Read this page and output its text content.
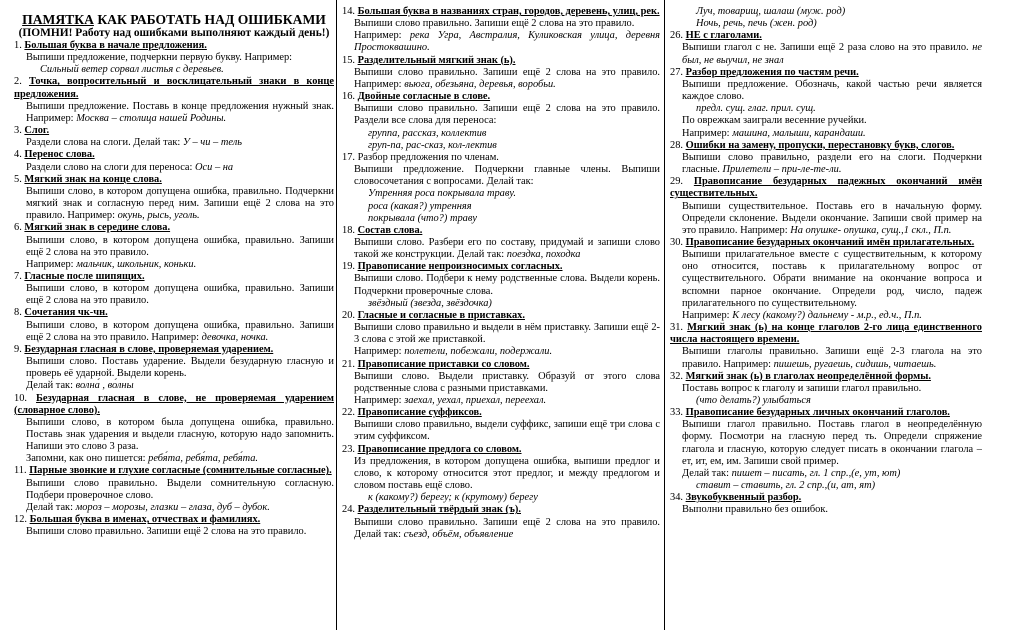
ПАМЯТКА КАК РАБОТАТЬ НАД ОШИБКАМИ
(ПОМНИ! Работу над ошибками выполняют каждый день!)
1. Большая буква в начале предложения.
Выпиши предложение, подчеркни первую букву. Например:
Сильный ветер сорвал листья с деревьев.
2. Точка, вопросительный и восклицательный знаки в конце предложения.
Выпиши предложение. Поставь в конце предложения нужный знак. Например: Москва – столица нашей Родины.
3. Слог.
Раздели слова на слоги. Делай так: У – чи – тель
4. Перенос слова.
Раздели слово на слоги для переноса: Оси – на
5. Мягкий знак на конце слова.
Выпиши слово, в котором допущена ошибка, правильно. Подчеркни мягкий знак и согласную перед ним. Запиши ещё 2 слова на это правило. Например: окунь, рысь, уголь.
6. Мягкий знак в середине слова.
Выпиши слово, в котором допущена ошибка, правильно. Запиши ещё 2 слова на это правило.
Например: мальчик, школьник, коньки.
7. Гласные после шипящих.
Выпиши слово, в котором допущена ошибка, правильно. Запиши ещё 2 слова на это правило.
8. Сочетания чк-чн.
Выпиши слово, в котором допущена ошибка, правильно. Запиши ещё 2 слова на это правило. Например: девочка, ночка.
9. Безударная гласная в слове, проверяемая ударением.
Выпиши слово. Поставь ударение. Выдели безударную гласную и проверь её ударной. Выдели корень.
Делай так: волна́ , во́лны
10. Безударная гласная в слове, не проверяемая ударением (словарное слово).
Выпиши слово, в котором была допущена ошибка, правильно. Поставь знак ударения и выдели гласную, которую надо запомнить. Напиши это слово 3 раза.
Запомни, как оно пишется: ребя́та, ребя́та, ребя́та.
11. Парные звонкие и глухие согласные (сомнительные согласные).
Выпиши слово правильно. Выдели сомнительную согласную. Подбери проверочное слово.
Делай так: мороз – морозы, глазки – глаза, дуб – дубок.
12. Большая буква в именах, отчествах и фамилиях.
Выпиши слово правильно. Запиши ещё 2 слова на это правило.
14. Большая буква в названиях стран, городов, деревень, улиц, рек.
Выпиши слово правильно. Запиши ещё 2 слова на это правило.
Например: река Угра, Австралия, Куликовская улица, деревня Простоквашино.
15. Разделительный мягкий знак (ь).
Выпиши слово правильно. Запиши ещё 2 слова на это правило. Например: вьюга, обезьяна, деревья, воробьи.
16. Двойные согласные в слове.
Выпиши слово правильно. Запиши ещё 2 слова на это правило. Раздели все слова для переноса:
группа, рассказ, коллектив
груп-па, рас-сказ, кол-лектив
17. Разбор предложения по членам.
Выпиши предложение. Подчеркни главные члены. Выпиши словосочетания с вопросами. Делай так:
Утренняя роса покрывала траву.
роса (какая?) утренняя
покрывала (что?) траву
18. Состав слова.
Выпиши слово. Разбери его по составу, придумай и запиши слово такой же конструкции. Делай так: поездка, походка
19. Правописание непроизносимых согласных.
Выпиши слово. Подбери к нему родственные слова. Выдели корень. Подчеркни проверочные слова.
звёздный (звезда, звёздочка)
20. Гласные и согласные в приставках.
Выпиши слово правильно и выдели в нём приставку. Запиши ещё 2-3 слова с этой же приставкой.
Например: полетели, побежали, подержали.
21. Правописание приставки со словом.
Выпиши слово. Выдели приставку. Образуй от этого слова родственные слова с разными приставками.
Например: заехал, уехал, приехал, переехал.
22. Правописание суффиксов.
Выпиши слово правильно, выдели суффикс, запиши ещё три слова с этим суффиксом.
23. Правописание предлога со словом.
Из предложения, в котором допущена ошибка, выпиши предлог и слово, к которому относится этот предлог, и между предлогом и словом поставь ещё слово.
к (какому?) берегу; к (крутому) берегу
24. Разделительный твёрдый знак (ъ).
Выпиши слово правильно. Запиши ещё 2 слова на это правило. Делай так: съезд, объём, объявление
Луч, товарищ, шалаш (муж. род)
Ночь, речь, печь (жен. род)
26. НЕ с глаголами.
Выпиши глагол с не. Запиши ещё 2 раза слово на это правило. не был, не выучил, не знал
27. Разбор предложения по частям речи.
Выпиши предложение. Обозначь, какой частью речи является каждое слово.
предл. сущ. глаг. прил. сущ.
По оврежкам заиграли весенние ручейки.
Например: машина, малыши, карандаши.
28. Ошибки на замену, пропуски, перестановку букв, слогов.
Выпиши слово правильно, раздели его на слоги. Подчеркни гласные. Прилетели – при-ле-те-ли.
29. Правописание безударных падежных окончаний имён существительных.
Выпиши существительное. Поставь его в начальную форму. Определи склонение. Выдели окончание. Запиши свой пример на это правило. Например: На опушке- опушка, сущ.,1 скл., П.п.
30. Правописание безударных окончаний имён прилагательных.
Выпиши прилагательное вместе с существительным, к которому оно относится, поставь к прилагательному вопрос от существительного. Обрати внимание на окончание вопроса и вспомни парное окончание. Определи род, число, падеж прилагательного по существительному.
Например: К лесу (какому?) дальнему - м.р., ед.ч., П.п.
31. Мягкий знак (ь) на конце глаголов 2-го лица единственного числа настоящего времени.
Выпиши глаголы правильно. Запиши ещё 2-3 глагола на это правило. Например: пишешь, ругаешь, сидишь, читаешь.
32. Мягкий знак (ь) в глаголах неопределённой формы.
Поставь вопрос к глаголу и запиши глагол правильно.
(что делать?) улыбаться
33. Правописание безударных личных окончаний глаголов.
Выпиши глагол правильно. Поставь глагол в неопределённую форму. Посмотри на гласную перед ть. Определи спряжение глагола и гласную, которую следует писать в окончании глагола – ет, ит, ем, им. Запиши свой пример.
Делай так: пишет – писать, гл. 1 спр.,(е, ут, ют)
ставит – ставить, гл. 2 спр.,(и, ат, ят)
34. Звукобуквенный разбор.
Выполни правильно без ошибок.
